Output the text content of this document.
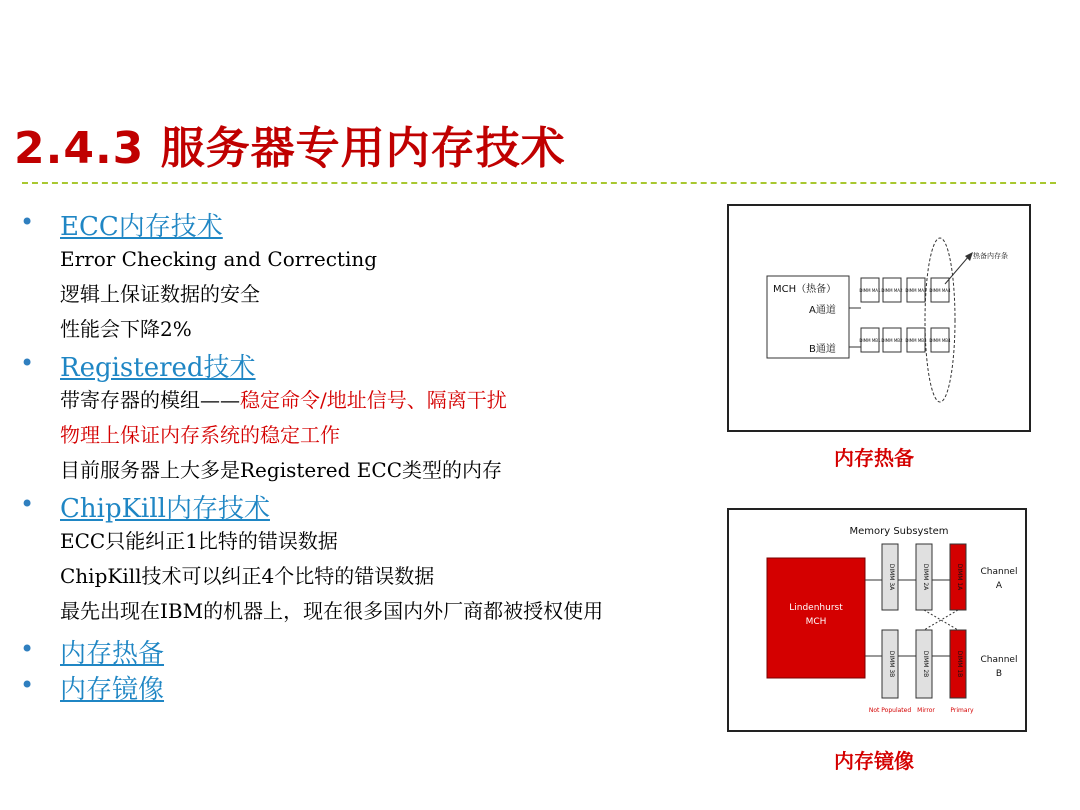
2.4.3 服务器专用内存技术
• ECC内存技术
Error Checking and Correcting
逻辑上保证数据的安全
性能会下降2%
• Registered技术
带寄存器的模组——稳定命令/地址信号、隔离干扰
物理上保证内存系统的稳定工作
目前服务器上大多是Registered ECC类型的内存
• ChipKill内存技术
ECC只能纠正1比特的错误数据
ChipKill技术可以纠正4个比特的错误数据
最先出现在IBM的机器上，现在很多国内外厂商都被授权使用
• 内存热备
• 内存镜像
MCH（热备）
A通道
B通道
DIMM MA1 DIMM MA2 DIMM MA3 DIMM MA4
DIMM MB1 DIMM MB2 DIMM MB3 DIMM MB4
热备内存条
内存热备
Memory Subsystem
Lindenhurst
MCH
DIMM 3A
DIMM 3B
DIMM 2A
DIMM 2B
DIMM 1A
DIMM 1B
Channel
A
Channel
B
Not Populated Mirror	Primary
内存镜像
